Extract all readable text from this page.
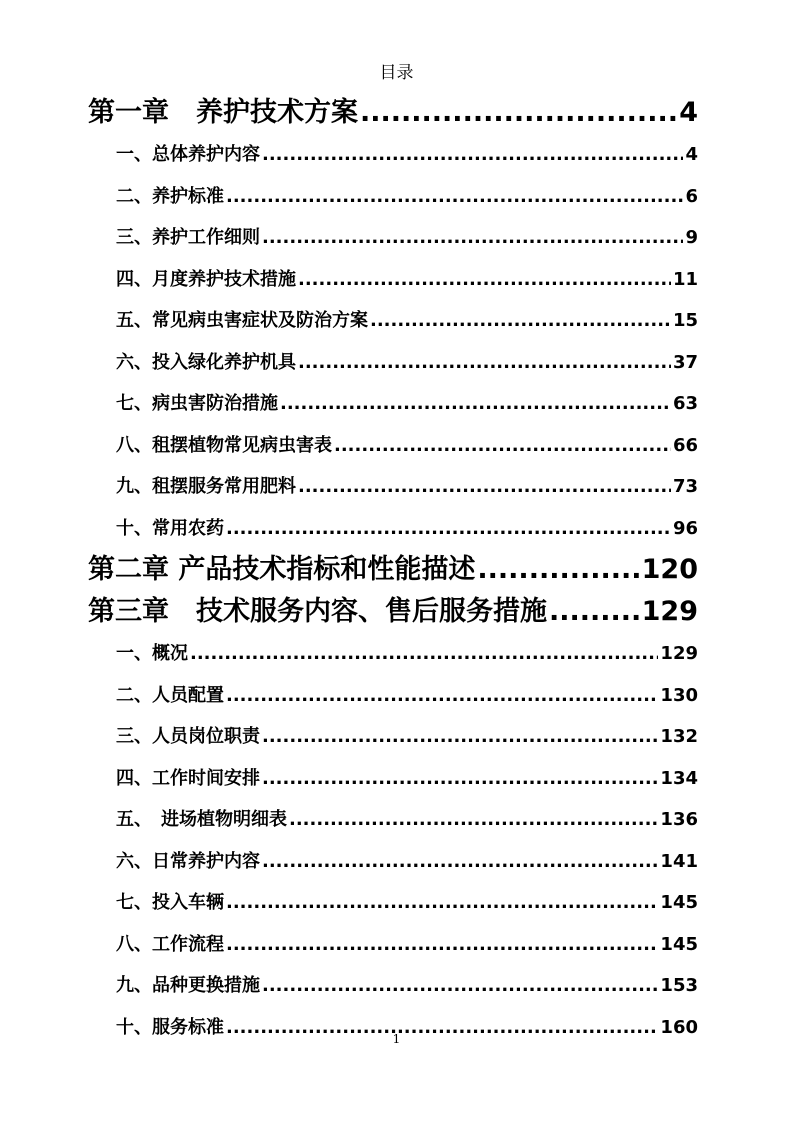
目录
第一章　养护技术方案 .....	4
一、总体养护内容 .....	4
二、养护标准 .....	6
三、养护工作细则 .....	9
四、月度养护技术措施 .....	11
五、常见病虫害症状及防治方案 .....	15
六、投入绿化养护机具 .....	37
七、病虫害防治措施 .....	63
八、租摆植物常见病虫害表 .....	66
九、租摆服务常用肥料 .....	73
十、常用农药 .....	96
第二章 产品技术指标和性能描述 .....	120
第三章　技术服务内容、售后服务措施 .....	129
一、概况 .....	129
二、人员配置 .....	130
三、人员岗位职责 .....	132
四、工作时间安排 .....	134
五、　进场植物明细表 .....	136
六、日常养护内容 .....	141
七、投入车辆 .....	145
八、工作流程 .....	145
九、品种更换措施 .....	153
十、服务标准 .....	160
1
